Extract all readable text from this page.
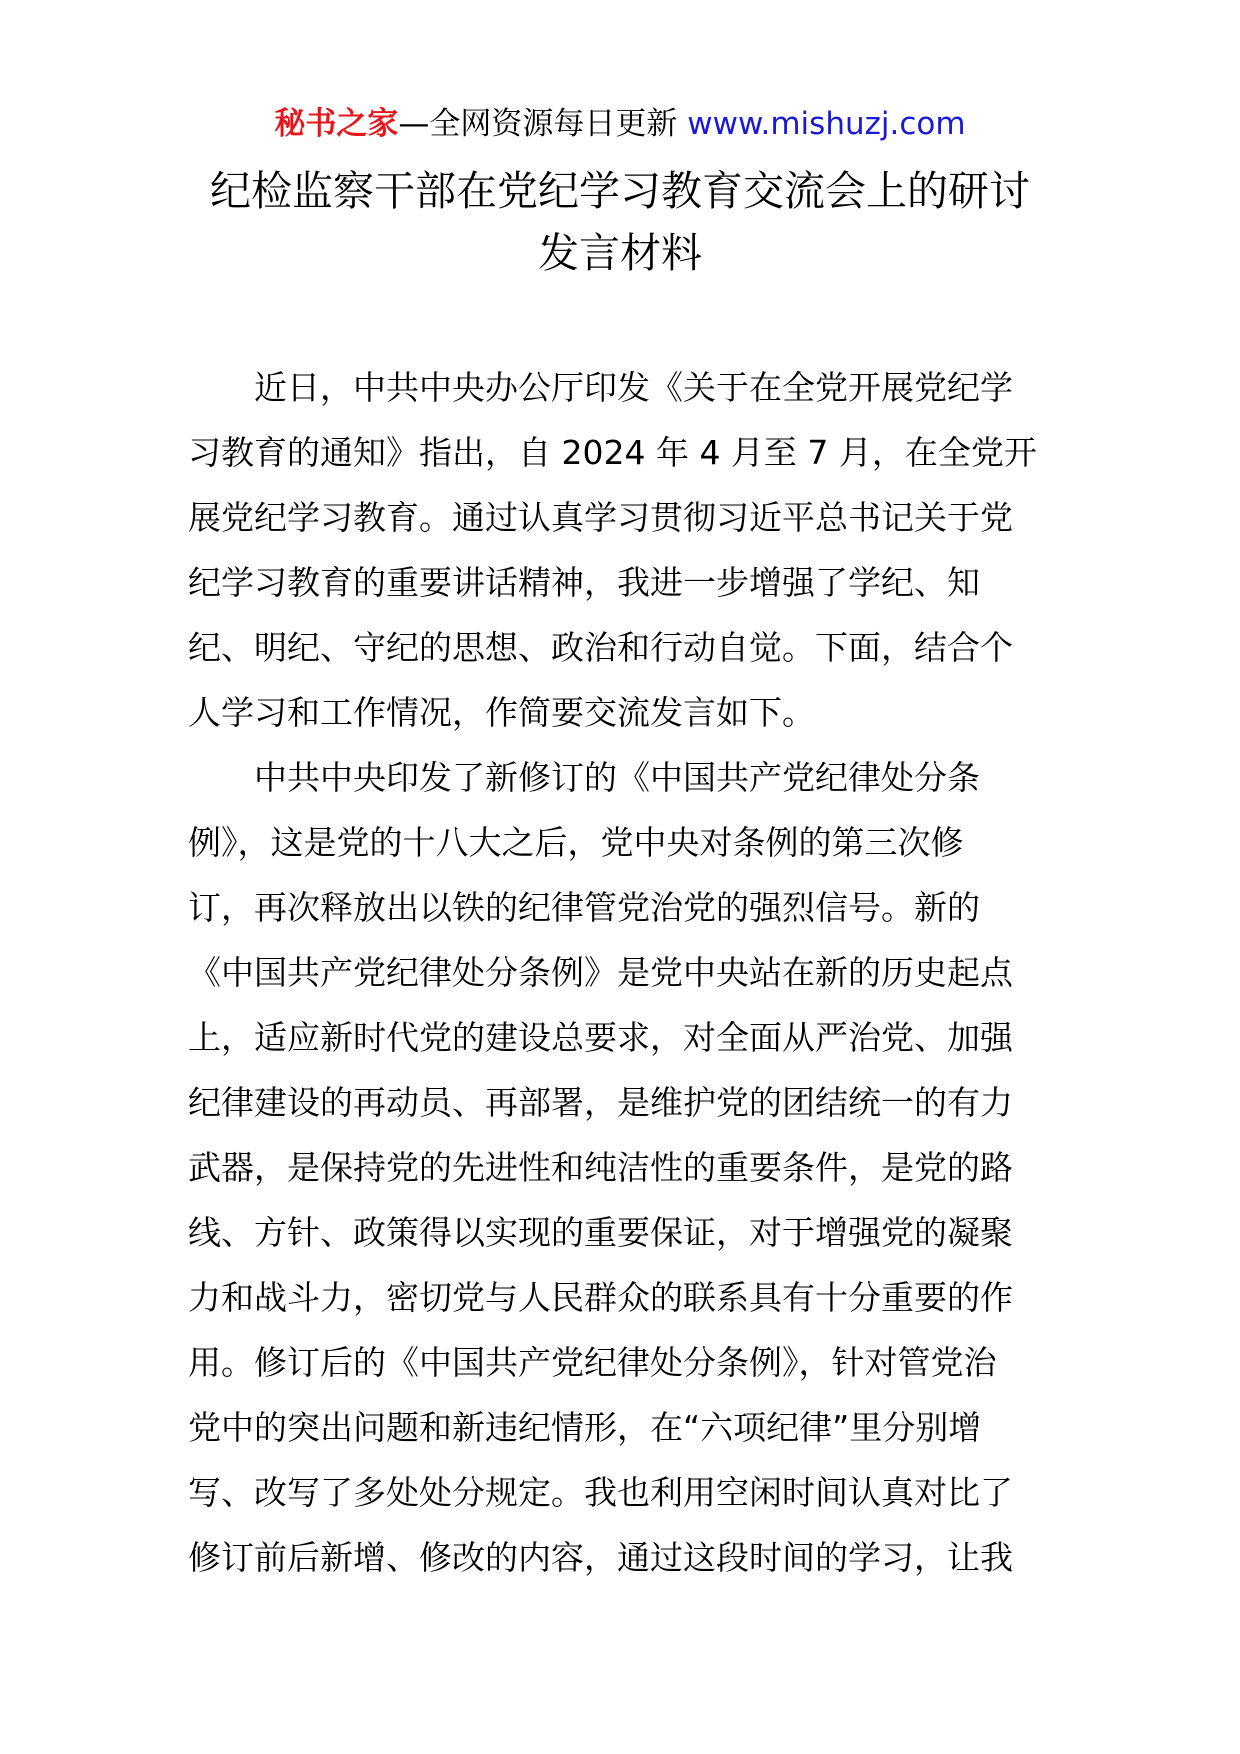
秘书之家—全网资源每日更新 www.mishuzj.com
纪检监察干部在党纪学习教育交流会上的研讨
发言材料
　　近日，中共中央办公厅印发《关于在全党开展党纪学
习教育的通知》指出，自 2024 年 4 月至 7 月，在全党开
展党纪学习教育。通过认真学习贯彻习近平总书记关于党
纪学习教育的重要讲话精神，我进一步增强了学纪、知
纪、明纪、守纪的思想、政治和行动自觉。下面，结合个
人学习和工作情况，作简要交流发言如下。
　　中共中央印发了新修订的《中国共产党纪律处分条
例》，这是党的十八大之后，党中央对条例的第三次修
订，再次释放出以铁的纪律管党治党的强烈信号。新的
《中国共产党纪律处分条例》是党中央站在新的历史起点
上，适应新时代党的建设总要求，对全面从严治党、加强
纪律建设的再动员、再部署，是维护党的团结统一的有力
武器，是保持党的先进性和纯洁性的重要条件，是党的路
线、方针、政策得以实现的重要保证，对于增强党的凝聚
力和战斗力，密切党与人民群众的联系具有十分重要的作
用。修订后的《中国共产党纪律处分条例》，针对管党治
党中的突出问题和新违纪情形，在“六项纪律”里分别增
写、改写了多处处分规定。我也利用空闲时间认真对比了
修订前后新增、修改的内容，通过这段时间的学习，让我
